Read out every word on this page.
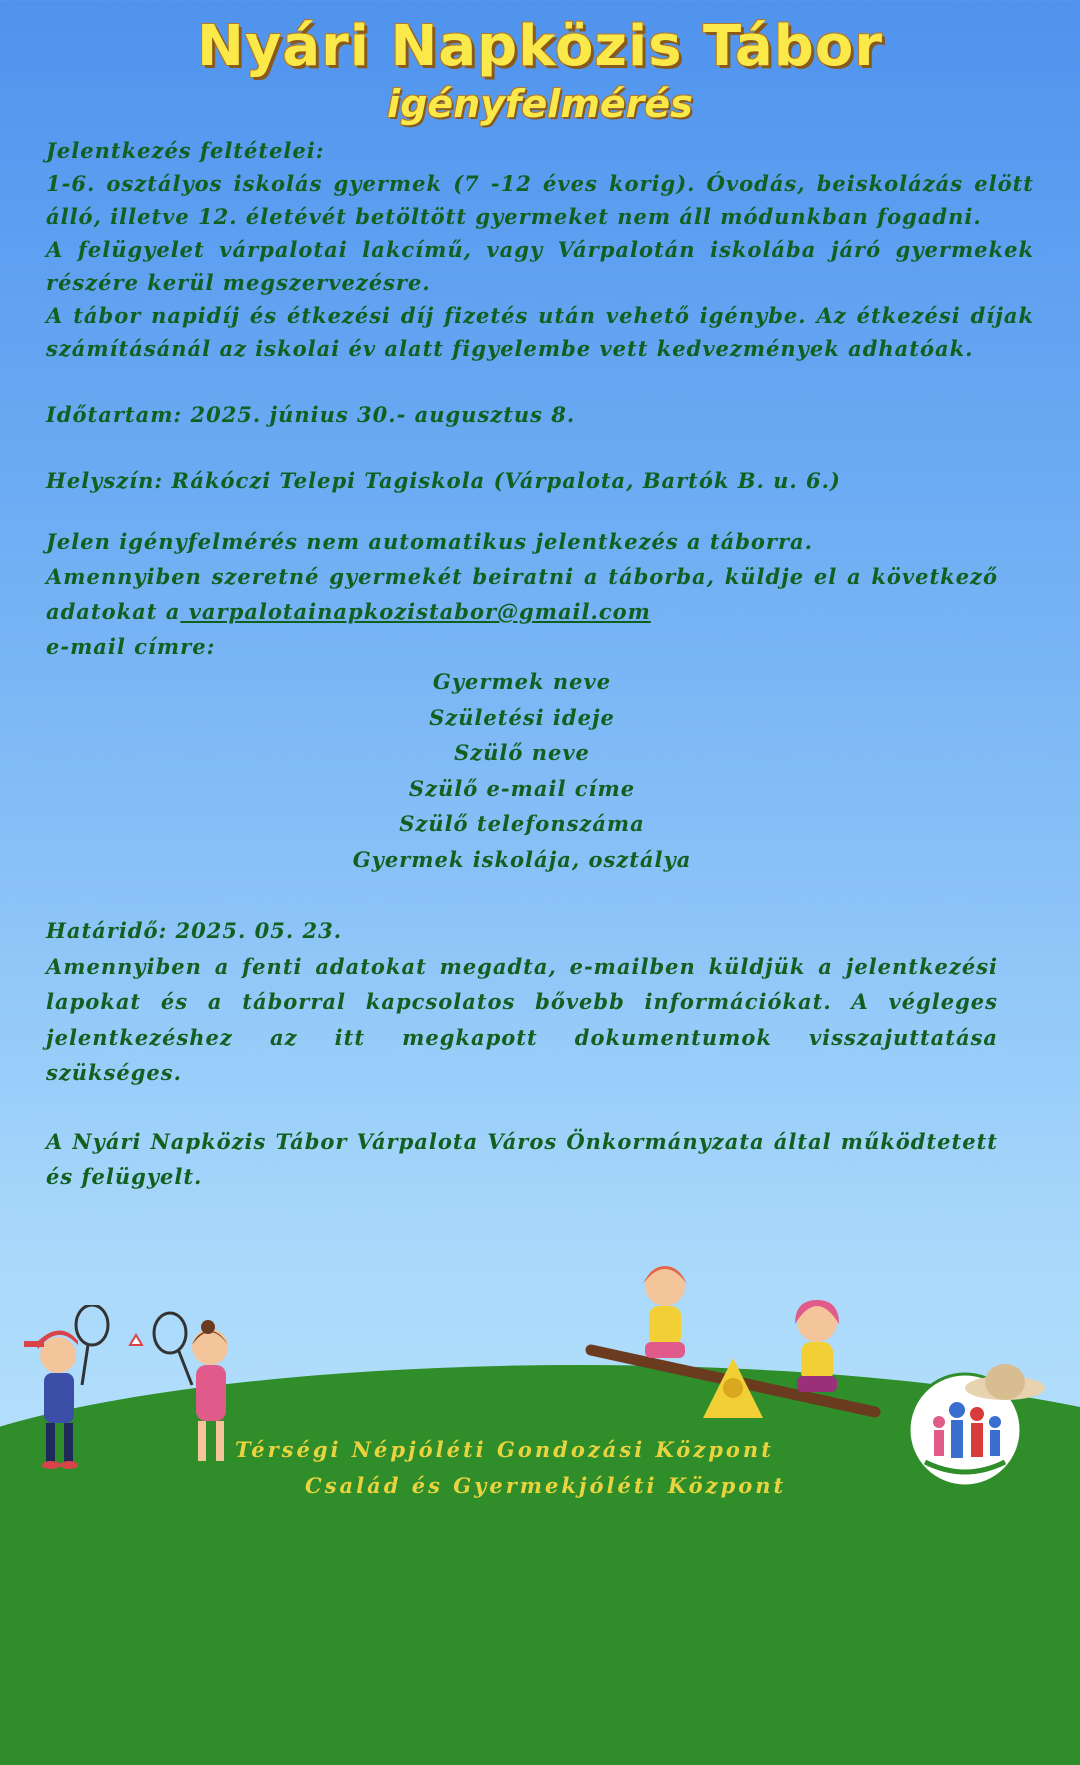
Nyári Napközis Tábor
igényfelmérés

Jelentkezés feltételei:

1-6. osztályos iskolás gyermek (7 -12 éves korig). Óvodás, beiskolázás elött álló, illetve 12. életévét betöltött gyermeket nem áll módunkban fogadni.

A felügyelet várpalotai lakcímű, vagy Várpalotán iskolába járó gyermekek részére kerül megszervezésre.

A tábor napidíj és étkezési díj fizetés után vehető igénybe. Az étkezési díjak számításánál az iskolai év alatt figyelembe vett kedvezmények adhatóak.

Időtartam: 2025. június 30.- augusztus 8.

Helyszín: Rákóczi Telepi Tagiskola (Várpalota, Bartók B. u. 6.)

Jelen igényfelmérés nem automatikus jelentkezés a táborra.

Amennyiben szeretné gyermekét beiratni a táborba, küldje el a következő adatokat a varpalotainapkozistabor@gmail.com

e-mail címre:

Gyermek neve
Születési ideje
Szülő neve
Szülő e-mail címe
Szülő telefonszáma
Gyermek iskolája, osztálya

Határidő: 2025. 05. 23.

Amennyiben a fenti adatokat megadta, e-mailben küldjük a jelentkezési lapokat és a táborral kapcsolatos bővebb információkat. A végleges jelentkezéshez az itt megkapott dokumentumok visszajuttatása szükséges.

A Nyári Napközis Tábor Várpalota Város Önkormányzata által működtetett és felügyelt.

Térségi Népjóléti Gondozási Központ
Család és Gyermekjóléti Központ
